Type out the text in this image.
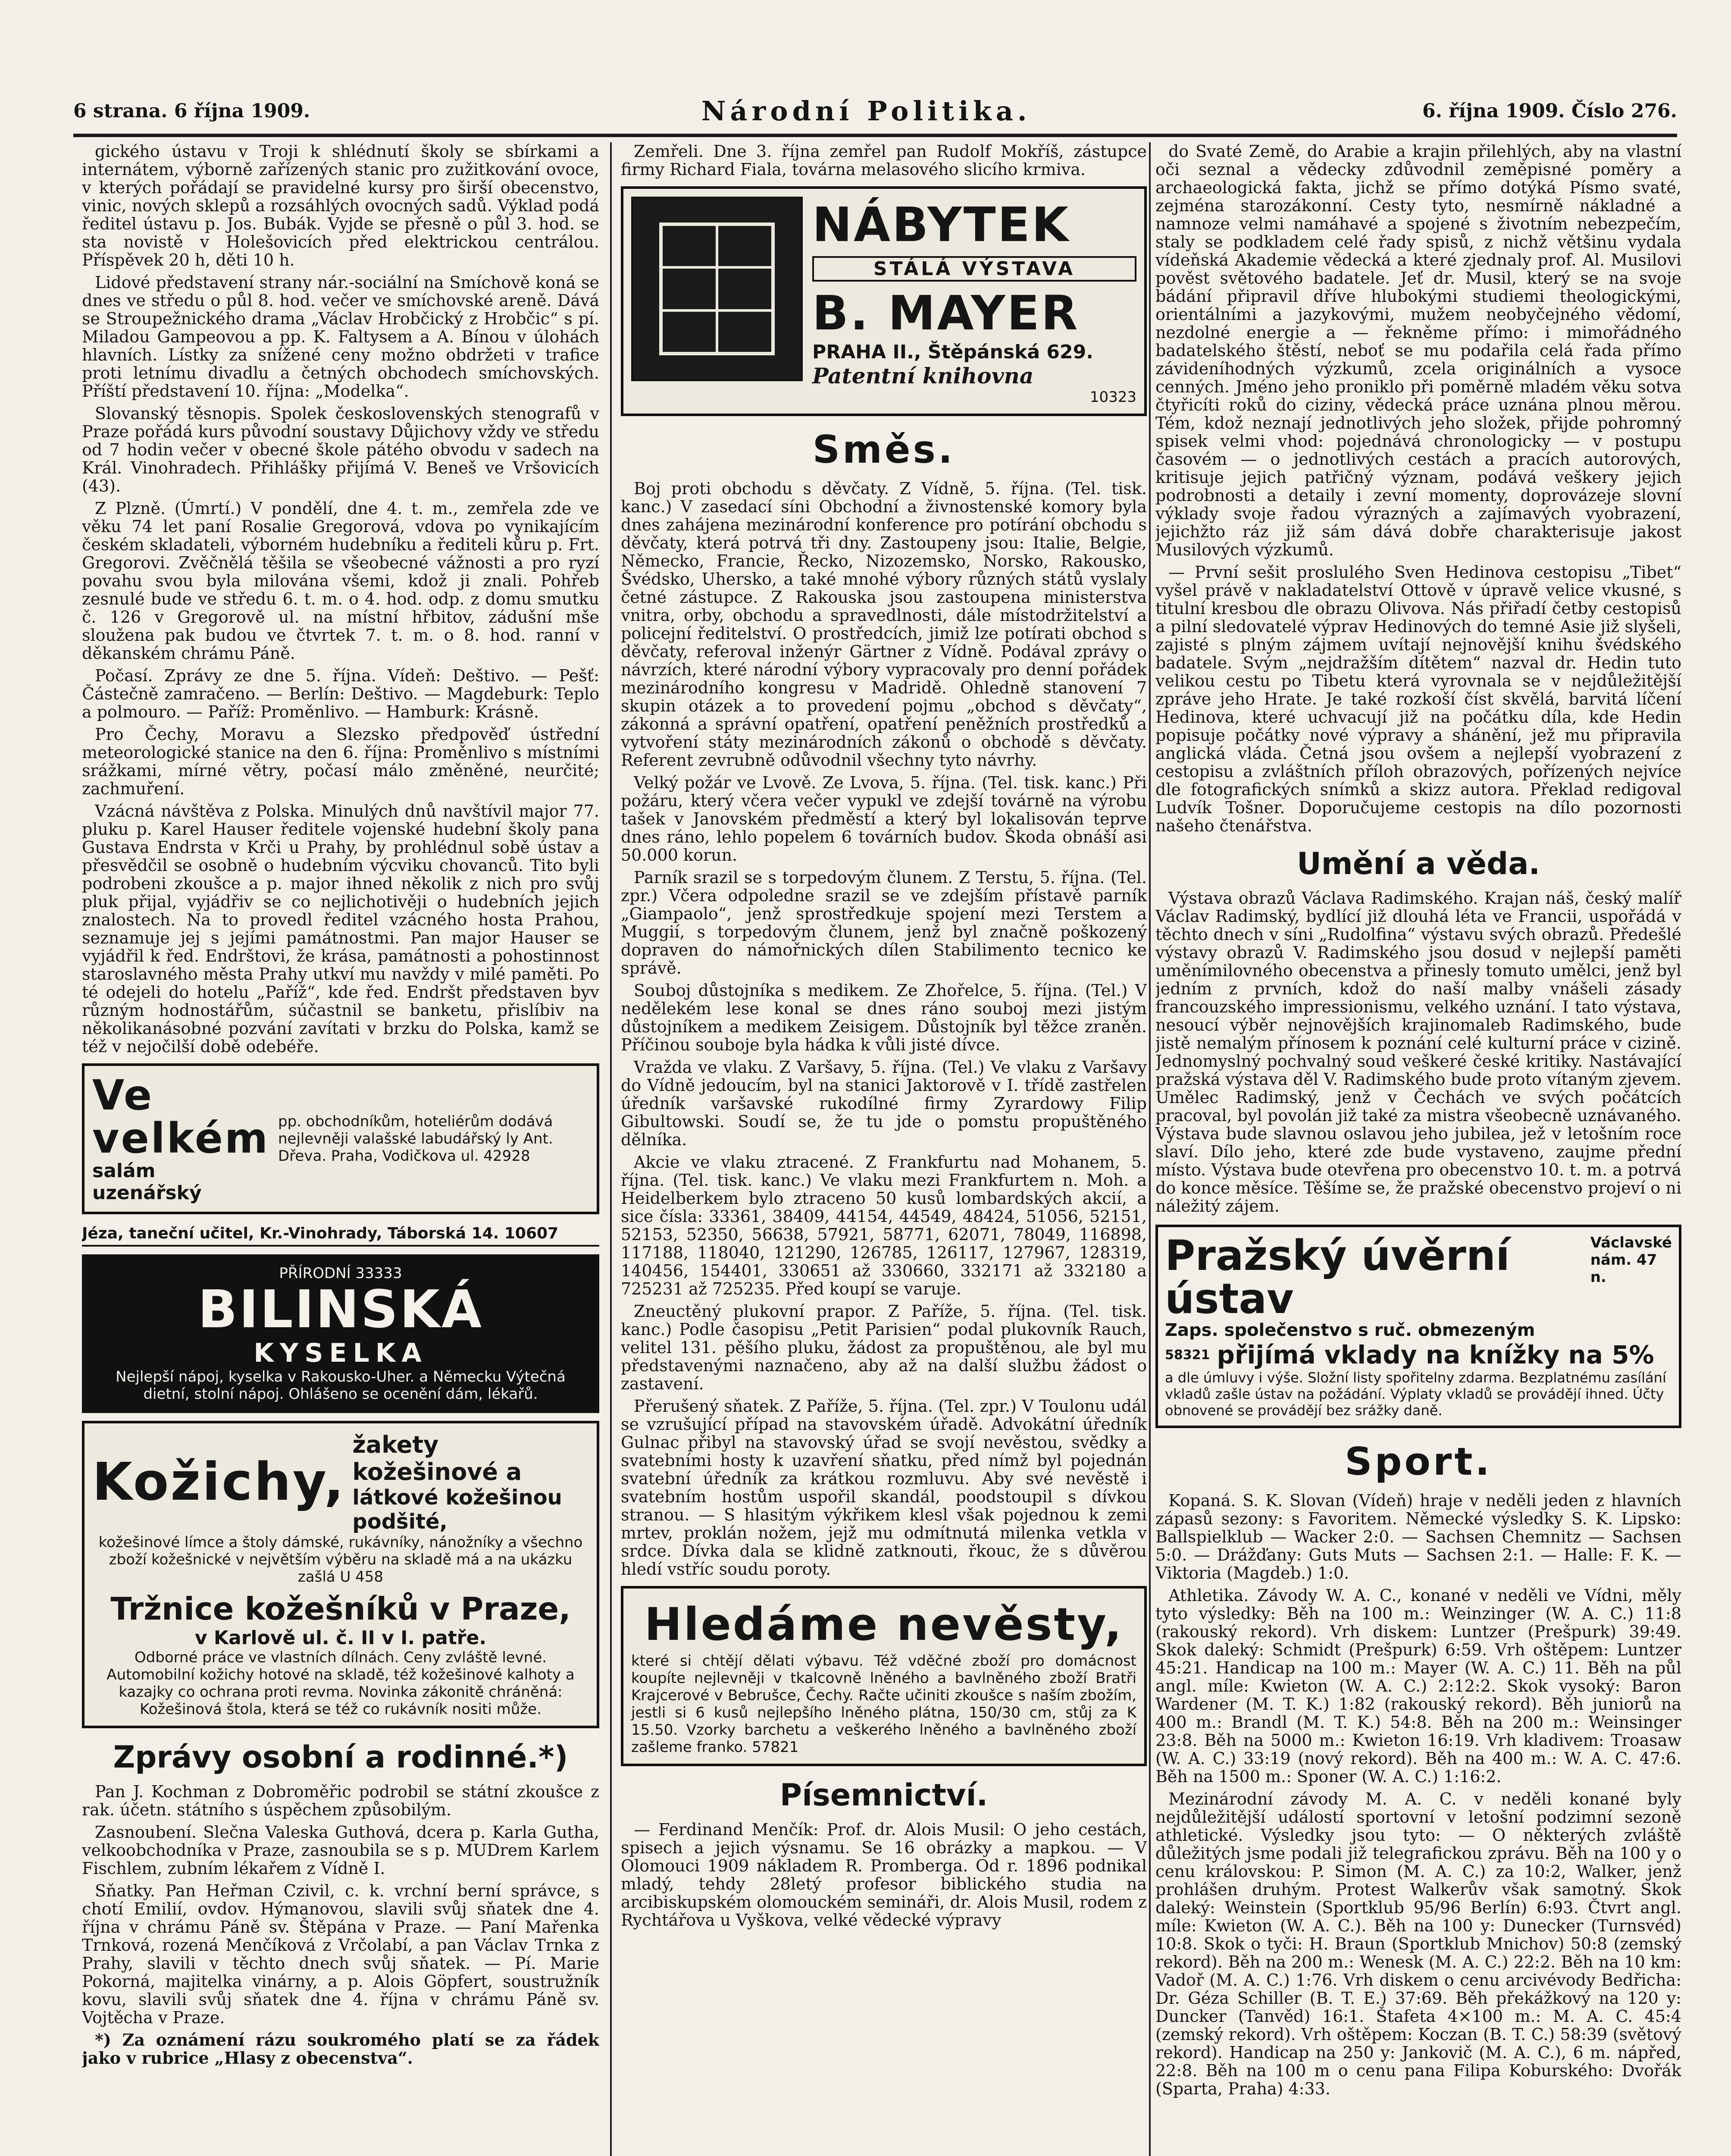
6 strana. 6 října 1909.	Národní Politika.	6. října 1909. Číslo 276.

gického ústavu v Troji k shlédnutí školy se sbírkami a internátem, výborně zařízených stanic pro zužitkování ovoce, v kterých pořádají se pravidelné kursy pro širší obecenstvo, vinic, nových sklepů a rozsáhlých ovocných sadů. Výklad podá ředitel ústavu p. Jos. Bubák. Vyjde se přesně o půl 3. hod. se sta novistě v Holešovicích před elektrickou centrálou. Příspěvek 20 h, děti 10 h.

Lidové představení strany nár.-sociální na Smíchově koná se dnes ve středu o půl 8. hod. večer ve smíchovské areně. Dává se Stroupežnického drama „Václav Hrobčický z Hrobčic“ s pí. Miladou Gampeovou a pp. K. Faltysem a A. Bínou v úlohách hlavních. Lístky za snížené ceny možno obdržeti v trafice proti letnímu divadlu a četných obchodech smíchovských. Příští představení 10. října: „Modelka“.

Slovanský těsnopis. Spolek československých stenografů v Praze pořádá kurs původní soustavy Důjichovy vždy ve středu od 7 hodin večer v obecné škole pátého obvodu v sadech na Král. Vinohradech. Přihlášky přijímá V. Beneš ve Vršovicích (43).

Z Plzně. (Úmrtí.) V pondělí, dne 4. t. m., zemřela zde ve věku 74 let paní Rosalie Gregorová, vdova po vynikajícím českém skladateli, výborném hudebníku a řediteli kůru p. Frt. Gregorovi. Zvěčnělá těšila se všeobecné vážnosti a pro ryzí povahu svou byla milována všemi, kdož ji znali. Pohřeb zesnulé bude ve středu 6. t. m. o 4. hod. odp. z domu smutku č. 126 v Gregorově ul. na místní hřbitov, zádušní mše sloužena pak budou ve čtvrtek 7. t. m. o 8. hod. ranní v děkanském chrámu Páně.

Počasí. Zprávy ze dne 5. října. Vídeň: Deštivo. — Pešť: Částečně zamračeno. — Berlín: Deštivo. — Magdeburk: Teplo a polmouro. — Paříž: Proměnlivo. — Hamburk: Krásně.

Pro Čechy, Moravu a Slezsko předpověď ústřední meteorologické stanice na den 6. října: Proměnlivo s místními srážkami, mírné větry, počasí málo změněné, neurčité; zachmuření.

Vzácná návštěva z Polska. Minulých dnů navštívil major 77. pluku p. Karel Hauser ředitele vojenské hudební školy pana Gustava Endrsta v Krči u Prahy, by prohlédnul sobě ústav a přesvědčil se osobně o hudebním výcviku chovanců. Tito byli podrobeni zkoušce a p. major ihned několik z nich pro svůj pluk přijal, vyjádřiv se co nejlichotivěji o hudebních jejich znalostech. Na to provedl ředitel vzácného hosta Prahou, seznamuje jej s jejími památnostmi. Pan major Hauser se vyjádřil k řed. Endrštovi, že krása, památnosti a pohostinnost staroslavného města Prahy utkví mu navždy v milé paměti. Po té odejeli do hotelu „Paříž“, kde řed. Endršt představen byv různým hodnostářům, súčastnil se banketu, přislíbiv na několikanásobné pozvání zavítati v brzku do Polska, kamž se též v nejočilší době odebéře.

Ve velkém
salám uzenářský
pp. obchodníkům, hoteliérům dodává nejlevněji valašské labudářský ly Ant. Dřeva. Praha, Vodičkova ul. 42928
Jéza, taneční učitel, Kr.-Vinohrady, Táborská 14. 10607
PŘÍRODNÍ 33333
BILINSKÁ
KYSELKA
Nejlepší nápoj, kyselka v Rakousko-Uher. a Německu Výtečná dietní, stolní nápoj. Ohlášeno se ocenění dám, lékařů.
Kožichy,
žakety kožešinové a
látkové kožešinou podšité,
kožešinové límce a štoly dámské, rukávníky, nánožníky a všechno zboží kožešnické v největším výběru na skladě má a na ukázku zašlá U 458
Tržnice kožešníků v Praze,
v Karlově ul. č. II v I. patře.
Odborné práce ve vlastních dílnách. Ceny zvláště levné. Automobilní kožichy hotové na skladě, též kožešinové kalhoty a kazajky co ochrana proti revma. Novinka zákonitě chráněná: Kožešinová štola, která se též co rukávník nositi může.
Zprávy osobní a rodinné.*)

Pan J. Kochman z Dobroměřic podrobil se státní zkoušce z rak. účetn. státního s úspěchem způsobilým.

Zasnoubení. Slečna Valeska Guthová, dcera p. Karla Gutha, velkoobchodníka v Praze, zasnoubila se s p. MUDrem Karlem Fischlem, zubním lékařem z Vídně I.

Sňatky. Pan Heřman Czivil, c. k. vrchní berní správce, s chotí Emilií, ovdov. Hýmanovou, slavili svůj sňatek dne 4. října v chrámu Páně sv. Štěpána v Praze. — Paní Mařenka Trnková, rozená Menčíková z Vrčolabí, a pan Václav Trnka z Prahy, slavili v těchto dnech svůj sňatek. — Pí. Marie Pokorná, majitelka vinárny, a p. Alois Göpfert, soustružník kovu, slavili svůj sňatek dne 4. října v chrámu Páně sv. Vojtěcha v Praze.

*) Za oznámení rázu soukromého platí se za řádek jako v rubrice „Hlasy z obecenstva“.

Zemřeli. Dne 3. října zemřel pan Rudolf Mokříš, zástupce firmy Richard Fiala, továrna melasového slicího krmiva.

NÁBYTEK
STÁLÁ VÝSTAVA
B. MAYER
PRAHA II., Štěpánská 629.
Patentní knihovna
10323
Směs.

Boj proti obchodu s děvčaty. Z Vídně, 5. října. (Tel. tisk. kanc.) V zasedací síni Obchodní a živnostenské komory byla dnes zahájena mezinárodní konference pro potírání obchodu s děvčaty, která potrvá tři dny. Zastoupeny jsou: Italie, Belgie, Německo, Francie, Řecko, Nizozemsko, Norsko, Rakousko, Švédsko, Uhersko, a také mnohé výbory různých států vyslaly četné zástupce. Z Rakouska jsou zastoupena ministerstva vnitra, orby, obchodu a spravedlnosti, dále místodržitelství a policejní ředitelství. O prostředcích, jimiž lze potírati obchod s děvčaty, referoval inženýr Gärtner z Vídně. Podával zprávy o návrzích, které národní výbory vypracovaly pro denní pořádek mezinárodního kongresu v Madridě. Ohledně stanovení 7 skupin otázek a to provedení pojmu „obchod s děvčaty“, zákonná a správní opatření, opatření peněžních prostředků a vytvoření státy mezinárodních zákonů o obchodě s děvčaty. Referent zevrubně odůvodnil všechny tyto návrhy.

Velký požár ve Lvově. Ze Lvova, 5. října. (Tel. tisk. kanc.) Při požáru, který včera večer vypukl ve zdejší továrně na výrobu tašek v Janovském předměstí a který byl lokalisován teprve dnes ráno, lehlo popelem 6 továrních budov. Škoda obnáší asi 50.000 korun.

Parník srazil se s torpedovým člunem. Z Terstu, 5. října. (Tel. zpr.) Včera odpoledne srazil se ve zdejším přístavě parník „Giampaolo“, jenž sprostředkuje spojení mezi Terstem a Muggií, s torpedovým člunem, jenž byl značně poškozený dopraven do námořnických dílen Stabilimento tecnico ke správě.

Souboj důstojníka s medikem. Ze Zhořelce, 5. října. (Tel.) V nedělekém lese konal se dnes ráno souboj mezi jistým důstojníkem a medikem Zeisigem. Důstojník byl těžce zraněn. Příčinou souboje byla hádka k vůli jisté dívce.

Vražda ve vlaku. Z Varšavy, 5. října. (Tel.) Ve vlaku z Varšavy do Vídně jedoucím, byl na stanici Jaktorově v I. třídě zastřelen úředník varšavské rukodílné firmy Zyrardowy Filip Gibultowski. Soudí se, že tu jde o pomstu propuštěného dělníka.

Akcie ve vlaku ztracené. Z Frankfurtu nad Mohanem, 5. října. (Tel. tisk. kanc.) Ve vlaku mezi Frankfurtem n. Moh. a Heidelberkem bylo ztraceno 50 kusů lombardských akcií, a sice čísla: 33361, 38409, 44154, 44549, 48424, 51056, 52151, 52153, 52350, 56638, 57921, 58771, 62071, 78049, 116898, 117188, 118040, 121290, 126785, 126117, 127967, 128319, 140456, 154401, 330651 až 330660, 332171 až 332180 a 725231 až 725235. Před koupí se varuje.

Zneuctěný plukovní prapor. Z Paříže, 5. října. (Tel. tisk. kanc.) Podle časopisu „Petit Parisien“ podal plukovník Rauch, velitel 131. pěšího pluku, žádost za propuštěnou, ale byl mu představenými naznačeno, aby až na další službu žádost o zastavení.

Přerušený sňatek. Z Paříže, 5. října. (Tel. zpr.) V Toulonu udál se vzrušující případ na stavovském úřadě. Advokátní úředník Gulnac přibyl na stavovský úřad se svojí nevěstou, svědky a svatebními hosty k uzavření sňatku, před nímž byl pojednán svatební úředník za krátkou rozmluvu. Aby své nevěstě i svatebním hostům uspořil skandál, poodstoupil s dívkou stranou. — S hlasitým výkřikem klesl však pojednou k zemi mrtev, proklán nožem, jejž mu odmítnutá milenka vetkla v srdce. Dívka dala se klidně zatknouti, řkouc, že s důvěrou hledí vstříc soudu poroty.

Hledáme nevěsty,
které si chtějí dělati výbavu. Též vděčné zboží pro domácnost koupíte nejlevněji v tkalcovně lněného a bavlněného zboží Bratři Krajcerové v Bebrušce, Čechy. Račte učiniti zkoušce s naším zbožím, jestli si 6 kusů nejlepšího lněného plátna, 150/30 cm, stůj za K 15.50. Vzorky barchetu a veškerého lněného a bavlněného zboží zašleme franko. 57821
Písemnictví.

— Ferdinand Menčík: Prof. dr. Alois Musil: O jeho cestách, spisech a jejich výsnamu. Se 16 obrázky a mapkou. — V Olomouci 1909 nákladem R. Promberga. Od r. 1896 podnikal mladý, tehdy 28letý profesor biblického studia na arcibiskupském olomouckém semináři, dr. Alois Musil, rodem z Rychtářova u Vyškova, velké vědecké výpravy

do Svaté Země, do Arabie a krajin přilehlých, aby na vlastní oči seznal a vědecky zdůvodnil zeměpisné poměry a archaeologická fakta, jichž se přímo dotýká Písmo svaté, zejména starozákonní. Cesty tyto, nesmírně nákladné a namnoze velmi namáhavé a spojené s životním nebezpečím, staly se podkladem celé řady spisů, z nichž většinu vydala vídeňská Akademie vědecká a které zjednaly prof. Al. Musilovi pověst světového badatele. Jeť dr. Musil, který se na svoje bádání připravil dříve hlubokými studiemi theologickými, orientálními a jazykovými, mužem neobyčejného vědomí, nezdolné energie a — řekněme přímo: i mimořádného badatelského štěstí, neboť se mu podařila celá řada přímo závideníhodných výzkumů, zcela originálních a vysoce cenných. Jméno jeho proniklo při poměrně mladém věku sotva čtyřicíti roků do ciziny, vědecká práce uznána plnou měrou. Tém, kdož neznají jednotlivých jeho složek, přijde pohromný spisek velmi vhod: pojednává chronologicky — v postupu časovém — o jednotlivých cestách a pracích autorových, kritisuje jejich patřičný význam, podává veškery jejich podrobnosti a detaily i zevní momenty, doprovázeje slovní výklady svoje řadou výrazných a zajímavých vyobrazení, jejichžto ráz již sám dává dobře charakterisuje jakost Musilových výzkumů.

— První sešit proslulého Sven Hedinova cestopisu „Tibet“ vyšel právě v nakladatelství Ottově v úpravě velice vkusné, s titulní kresbou dle obrazu Olivova. Nás přiřadí četby cestopisů a pilní sledovatelé výprav Hedinových do temné Asie již slyšeli, zajisté s plným zájmem uvítají nejnovější knihu švédského badatele. Svým „nejdražším dítětem“ nazval dr. Hedin tuto velikou cestu po Tibetu která vyrovnala se v nejdůležitější zpráve jeho Hrate. Je také rozkoší číst skvělá, barvitá líčení Hedinova, které uchvacují již na počátku díla, kde Hedin popisuje počátky nové výpravy a shánění, jež mu připravila anglická vláda. Četná jsou ovšem a nejlepší vyobrazení z cestopisu a zvláštních příloh obrazových, pořízených nejvíce dle fotografických snímků a skizz autora. Překlad redigoval Ludvík Tošner. Doporučujeme cestopis na dílo pozornosti našeho čtenářstva.

Umění a věda.

Výstava obrazů Václava Radimského. Krajan náš, český malíř Václav Radimský, bydlící již dlouhá léta ve Francii, uspořádá v těchto dnech v síni „Rudolfina“ výstavu svých obrazů. Předešlé výstavy obrazů V. Radimského jsou dosud v nejlepší paměti uměnímilovného obecenstva a přinesly tomuto umělci, jenž byl jedním z prvních, kdož do naší malby vnášeli zásady francouzského impressionismu, velkého uznání. I tato výstava, nesoucí výběr nejnovějších krajinomaleb Radimského, bude jistě nemalým přínosem k poznání celé kulturní práce v cizině. Jednomyslný pochvalný soud veškeré české kritiky. Nastávající pražská výstava děl V. Radimského bude proto vítaným zjevem. Umělec Radimský, jenž v Čechách ve svých počátcích pracoval, byl povolán již také za mistra všeobecně uznávaného. Výstava bude slavnou oslavou jeho jubilea, jež v letošním roce slaví. Dílo jeho, které zde bude vystaveno, zaujme přední místo. Výstava bude otevřena pro obecenstvo 10. t. m. a potrvá do konce měsíce. Těšíme se, že pražské obecenstvo projeví o ni náležitý zájem.

Pražský úvěrní ústav
Václavské nám. 47 n.
Zaps. společenstvo s ruč. obmezeným
58321 přijímá vklady na knížky na 5%
a dle úmluvy i výše. Složní listy spořitelny zdarma. Bezplatnému zasílání vkladů zašle ústav na požádání. Výplaty vkladů se provádějí ihned. Účty obnovené se provádějí bez srážky daně.
Sport.

Kopaná. S. K. Slovan (Vídeň) hraje v neděli jeden z hlavních zápasů sezony: s Favoritem. Německé výsledky S. K. Lipsko: Ballspielklub — Wacker 2:0. — Sachsen Chemnitz — Sachsen 5:0. — Drážďany: Guts Muts — Sachsen 2:1. — Halle: F. K. — Viktoria (Magdeb.) 1:0.

Athletika. Závody W. A. C., konané v neděli ve Vídni, měly tyto výsledky: Běh na 100 m.: Weinzinger (W. A. C.) 11:8 (rakouský rekord). Vrh diskem: Luntzer (Prešpurk) 39:49. Skok daleký: Schmidt (Prešpurk) 6:59. Vrh oštěpem: Luntzer 45:21. Handicap na 100 m.: Mayer (W. A. C.) 11. Běh na půl angl. míle: Kwieton (W. A. C.) 2:12:2. Skok vysoký: Baron Wardener (M. T. K.) 1:82 (rakouský rekord). Běh juniorů na 400 m.: Brandl (M. T. K.) 54:8. Běh na 200 m.: Weinsinger 23:8. Běh na 5000 m.: Kwieton 16:19. Vrh kladivem: Troasaw (W. A. C.) 33:19 (nový rekord). Běh na 400 m.: W. A. C. 47:6. Běh na 1500 m.: Sponer (W. A. C.) 1:16:2.

Mezinárodní závody M. A. C. v neděli konané byly nejdůležitější událostí sportovní v letošní podzimní sezoně athletické. Výsledky jsou tyto: — O některých zvláště důležitých jsme podali již telegrafickou zprávu. Běh na 100 y o cenu královskou: P. Simon (M. A. C.) za 10:2, Walker, jenž prohlášen druhým. Protest Walkerův však samotný. Skok daleký: Weinstein (Sportklub 95/96 Berlín) 6:93. Čtvrt angl. míle: Kwieton (W. A. C.). Běh na 100 y: Dunecker (Turnsvéd) 10:8. Skok o tyči: H. Braun (Sportklub Mnichov) 50:8 (zemský rekord). Běh na 200 m.: Wenesk (M. A. C.) 22:2. Běh na 10 km: Vadoř (M. A. C.) 1:76. Vrh diskem o cenu arcivévody Bedřicha: Dr. Géza Schiller (B. T. E.) 37:69. Běh překážkový na 120 y: Duncker (Tanvěd) 16:1. Štafeta 4×100 m.: M. A. C. 45:4 (zemský rekord). Vrh oštěpem: Koczan (B. T. C.) 58:39 (světový rekord). Handicap na 250 y: Jankovič (M. A. C.), 6 m. nápřed, 22:8. Běh na 100 m o cenu pana Filipa Koburského: Dvořák (Sparta, Praha) 4:33.
